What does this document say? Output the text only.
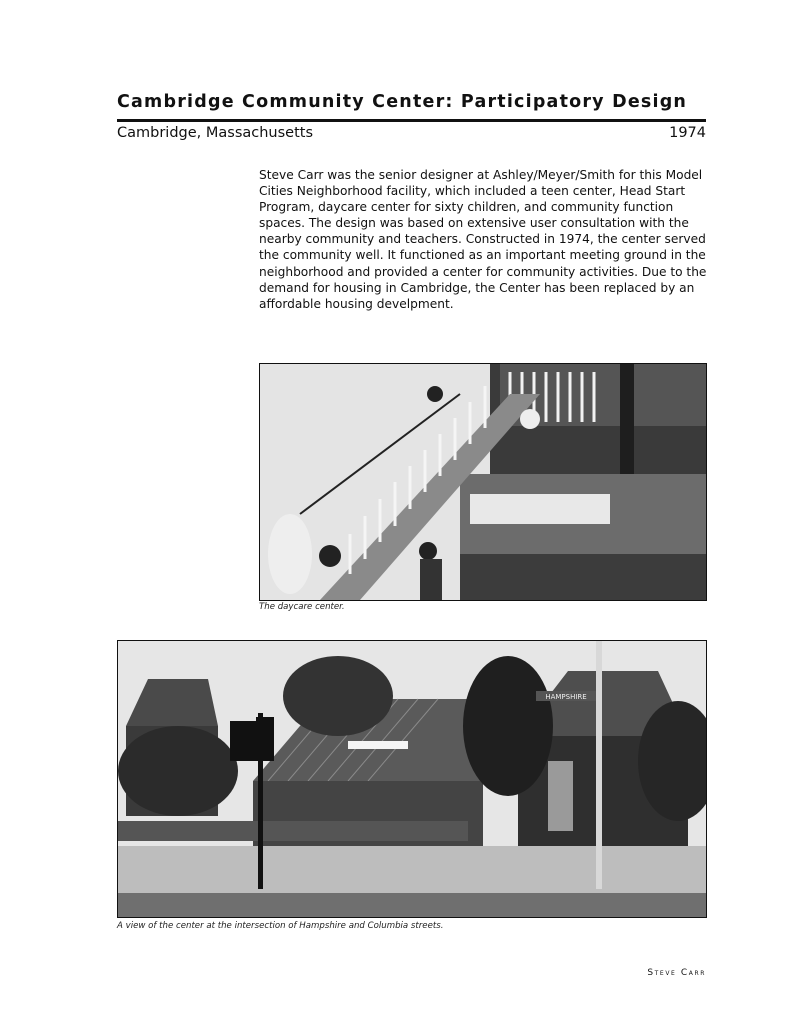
Cambridge Community Center: Participatory Design
Cambridge, Massachusetts	1974
Steve Carr was the senior designer at Ashley/Meyer/Smith for this Model Cities Neighborhood facility, which included a teen center, Head Start Program, daycare center for sixty children, and community function spaces. The design was based on extensive user consultation with the nearby community and teachers. Constructed in 1974, the center served the community well. It functioned as an important meeting ground in the neighborhood and provided a center for community activities. Due to the demand for housing in Cambridge, the Center has been replaced by an affordable housing develpment.
The daycare center.
HAMPSHIRE
A view of the center at the intersection of Hampshire and Columbia streets.
Steve Carr
